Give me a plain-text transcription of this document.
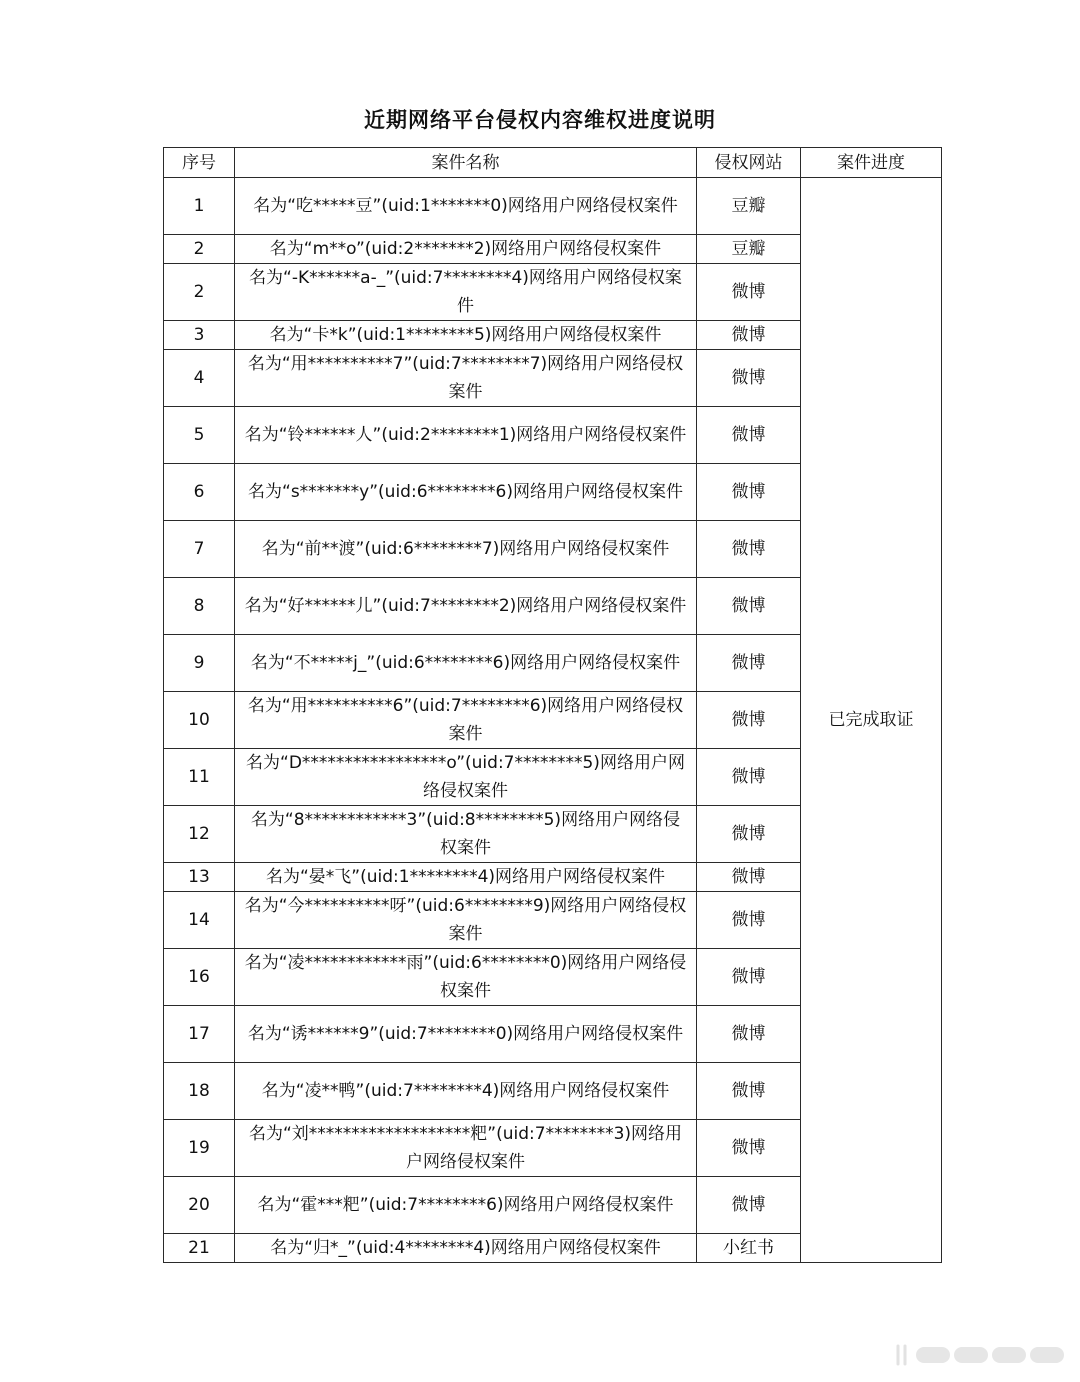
近期网络平台侵权内容维权进度说明
序号	案件名称	侵权网站	案件进度
1	名为“吃*****豆”(uid:1*******0)网络用户网络侵权案件	豆瓣	已完成取证
2	名为“m**o”(uid:2*******2)网络用户网络侵权案件	豆瓣	
2	名为“-K******a-_”(uid:7********4)网络用户网络侵权案件	微博	
3	名为“卡*k”(uid:1********5)网络用户网络侵权案件	微博	
4	名为“用**********7”(uid:7********7)网络用户网络侵权案件	微博	
5	名为“铃******人”(uid:2********1)网络用户网络侵权案件	微博	
6	名为“s*******y”(uid:6********6)网络用户网络侵权案件	微博	
7	名为“前**渡”(uid:6********7)网络用户网络侵权案件	微博	
8	名为“好******儿”(uid:7********2)网络用户网络侵权案件	微博	
9	名为“不*****j_”(uid:6********6)网络用户网络侵权案件	微博	
10	名为“用**********6”(uid:7********6)网络用户网络侵权案件	微博	
11	名为“D*****************o”(uid:7********5)网络用户网络侵权案件	微博	
12	名为“8************3”(uid:8********5)网络用户网络侵权案件	微博	
13	名为“晏*飞”(uid:1********4)网络用户网络侵权案件	微博	
14	名为“今**********呀”(uid:6********9)网络用户网络侵权案件	微博	
16	名为“凌************雨”(uid:6********0)网络用户网络侵权案件	微博	
17	名为“诱******9”(uid:7********0)网络用户网络侵权案件	微博	
18	名为“凌**鸭”(uid:7********4)网络用户网络侵权案件	微博	
19	名为“刘*******************粑”(uid:7********3)网络用户网络侵权案件	微博	
20	名为“霍***粑”(uid:7********6)网络用户网络侵权案件	微博	
21	名为“归*_”(uid:4********4)网络用户网络侵权案件	小红书	
